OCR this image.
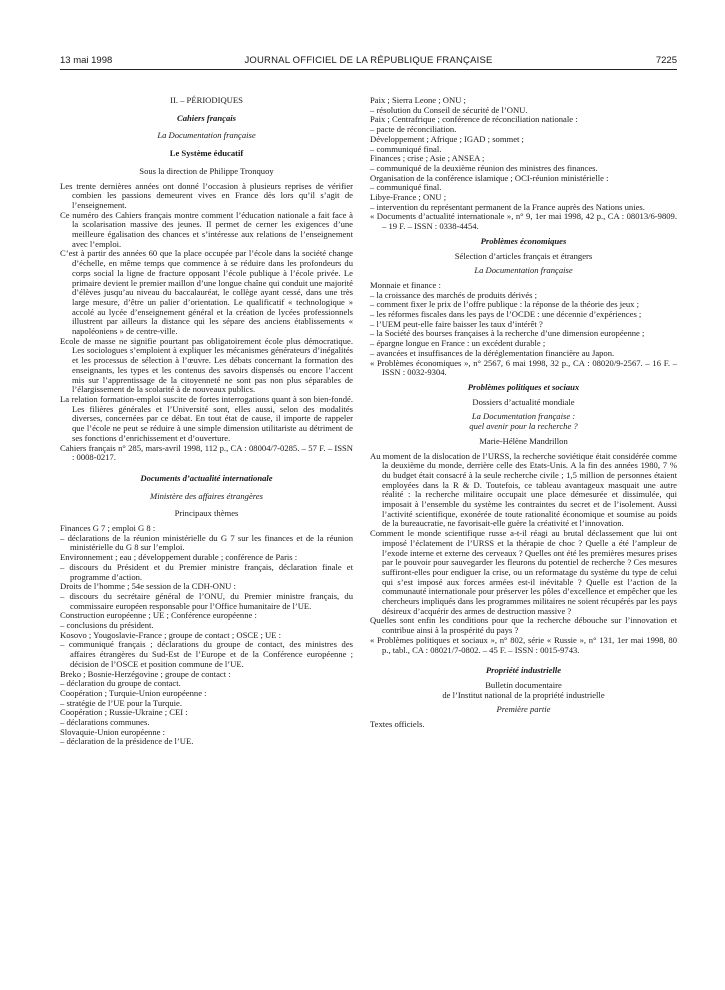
13 mai 1998	JOURNAL OFFICIEL DE LA RÉPUBLIQUE FRANÇAISE	7225

II. – PÉRIODIQUES

Cahiers français

La Documentation française

Le Système éducatif

Sous la direction de Philippe Tronquoy

Les trente dernières années ont donné l’occasion à plusieurs reprises de vérifier combien les passions demeurent vives en France dès lors qu’il s’agit de l’enseignement.

Ce numéro des Cahiers français montre comment l’éducation nationale a fait face à la scolarisation massive des jeunes. Il permet de cerner les exigences d’une meilleure égalisation des chances et s’intéresse aux relations de l’enseignement avec l’emploi.

C’est à partir des années 60 que la place occupée par l’école dans la société change d’échelle, en même temps que commence à se réduire dans les profondeurs du corps social la ligne de fracture opposant l’école publique à l’école privée. Le primaire devient le premier maillon d’une longue chaîne qui conduit une majorité d’élèves jusqu’au niveau du baccalauréat, le collège ayant cessé, dans une très large mesure, d’être un palier d’orientation. Le qualificatif « technologique » accolé au lycée d’enseignement général et la création de lycées professionnels illustrent par ailleurs la distance qui les sépare des anciens établissements « napoléoniens » de centre-ville.

Ecole de masse ne signifie pourtant pas obligatoirement école plus démocratique. Les sociologues s’emploient à expliquer les mécanismes générateurs d’inégalités et les processus de sélection à l’œuvre. Les débats concernant la formation des enseignants, les types et les contenus des savoirs dispensés ou encore l’accent mis sur l’apprentissage de la citoyenneté ne sont pas non plus séparables de l’élargissement de la scolarité à de nouveaux publics.

La relation formation-emploi suscite de fortes interrogations quant à son bien-fondé. Les filières générales et l’Université sont, elles aussi, selon des modalités diverses, concernées par ce débat. En tout état de cause, il importe de rappeler que l’école ne peut se réduire à une simple dimension utilitariste au détriment de ses fonctions d’enrichissement et d’ouverture.

Cahiers français n° 285, mars-avril 1998, 112 p., CA : 08004/7-0285. – 57 F. – ISSN : 0008-0217.

Documents d’actualité internationale

Ministère des affaires étrangères

Principaux thèmes

Finances G 7 ; emploi G 8 :

– déclarations de la réunion ministérielle du G 7 sur les finances et de la réunion ministérielle du G 8 sur l’emploi.

Environnement ; eau ; développement durable ; conférence de Paris :

– discours du Président et du Premier ministre français, déclaration finale et programme d’action.

Droits de l’homme ; 54e session de la CDH-ONU :

– discours du secrétaire général de l’ONU, du Premier ministre français, du commissaire européen responsable pour l’Office humanitaire de l’UE.

Construction européenne ; UE ; Conférence européenne :

– conclusions du président.

Kosovo ; Yougoslavie-France ; groupe de contact ; OSCE ; UE :

– communiqué français ; déclarations du groupe de contact, des ministres des affaires étrangères du Sud-Est de l’Europe et de la Conférence européenne ; décision de l’OSCE et position commune de l’UE.

Breko ; Bosnie-Herzégovine ; groupe de contact :

– déclaration du groupe de contact.

Coopération ; Turquie-Union européenne :

– stratégie de l’UE pour la Turquie.

Coopération ; Russie-Ukraine ; CEI :

– déclarations communes.

Slovaquie-Union européenne :

– déclaration de la présidence de l’UE.

Paix ; Sierra Leone ; ONU ;

– résolution du Conseil de sécurité de l’ONU.

Paix ; Centrafrique ; conférence de réconciliation nationale :

– pacte de réconciliation.

Développement ; Afrique ; IGAD ; sommet ;

– communiqué final.

Finances ; crise ; Asie ; ANSEA ;

– communiqué de la deuxième réunion des ministres des finances.

Organisation de la conférence islamique ; OCI-réunion ministérielle :

– communiqué final.

Libye-France ; ONU ;

– intervention du représentant permanent de la France auprès des Nations unies.

« Documents d’actualité internationale », n° 9, 1er mai 1998, 42 p., CA : 08013/6-9809. – 19 F. – ISSN : 0338-4454.

Problèmes économiques

Sélection d’articles français et étrangers

La Documentation française

Monnaie et finance :

– la croissance des marchés de produits dérivés ;

– comment fixer le prix de l’offre publique : la réponse de la théorie des jeux ;

– les réformes fiscales dans les pays de l’OCDE : une décennie d’expériences ;

– l’UEM peut-elle faire baisser les taux d’intérêt ?

– la Société des bourses françaises à la recherche d’une dimension européenne ;

– épargne longue en France : un excédent durable ;

– avancées et insuffisances de la déréglementation financière au Japon.

« Problèmes économiques », n° 2567, 6 mai 1998, 32 p., CA : 08020/9-2567. – 16 F. – ISSN : 0032-9304.

Problèmes politiques et sociaux

Dossiers d’actualité mondiale

La Documentation française :

quel avenir pour la recherche ?

Marie-Hélène Mandrillon

Au moment de la dislocation de l’URSS, la recherche soviétique était considérée comme la deuxième du monde, derrière celle des Etats-Unis. A la fin des années 1980, 7 % du budget était consacré à la seule recherche civile ; 1,5 million de personnes étaient employées dans la R & D. Toutefois, ce tableau avantageux masquait une autre réalité : la recherche militaire occupait une place démesurée et dissimulée, qui imposait à l’ensemble du système les contraintes du secret et de l’isolement. Aussi l’activité scientifique, exonérée de toute rationalité économique et soumise au poids de la bureaucratie, ne favorisait-elle guère la créativité et l’innovation.

Comment le monde scientifique russe a-t-il réagi au brutal déclassement que lui ont imposé l’éclatement de l’URSS et la thérapie de choc ? Quelle a été l’ampleur de l’exode interne et externe des cerveaux ? Quelles ont été les premières mesures prises par le pouvoir pour sauvegarder les fleurons du potentiel de recherche ? Ces mesures suffiront-elles pour endiguer la crise, ou un reformatage du système du type de celui qui s’est imposé aux forces armées est-il inévitable ? Quelle est l’action de la communauté internationale pour préserver les pôles d’excellence et empêcher que les chercheurs impliqués dans les programmes militaires ne soient récupérés par les pays désireux d’acquérir des armes de destruction massive ?

Quelles sont enfin les conditions pour que la recherche débouche sur l’innovation et contribue ainsi à la prospérité du pays ?

« Problèmes politiques et sociaux », n° 802, série « Russie », n° 131, 1er mai 1998, 80 p., tabl., CA : 08021/7-0802. – 45 F. – ISSN : 0015-9743.

Propriété industrielle

Bulletin documentaire

de l’Institut national de la propriété industrielle

Première partie

Textes officiels.
